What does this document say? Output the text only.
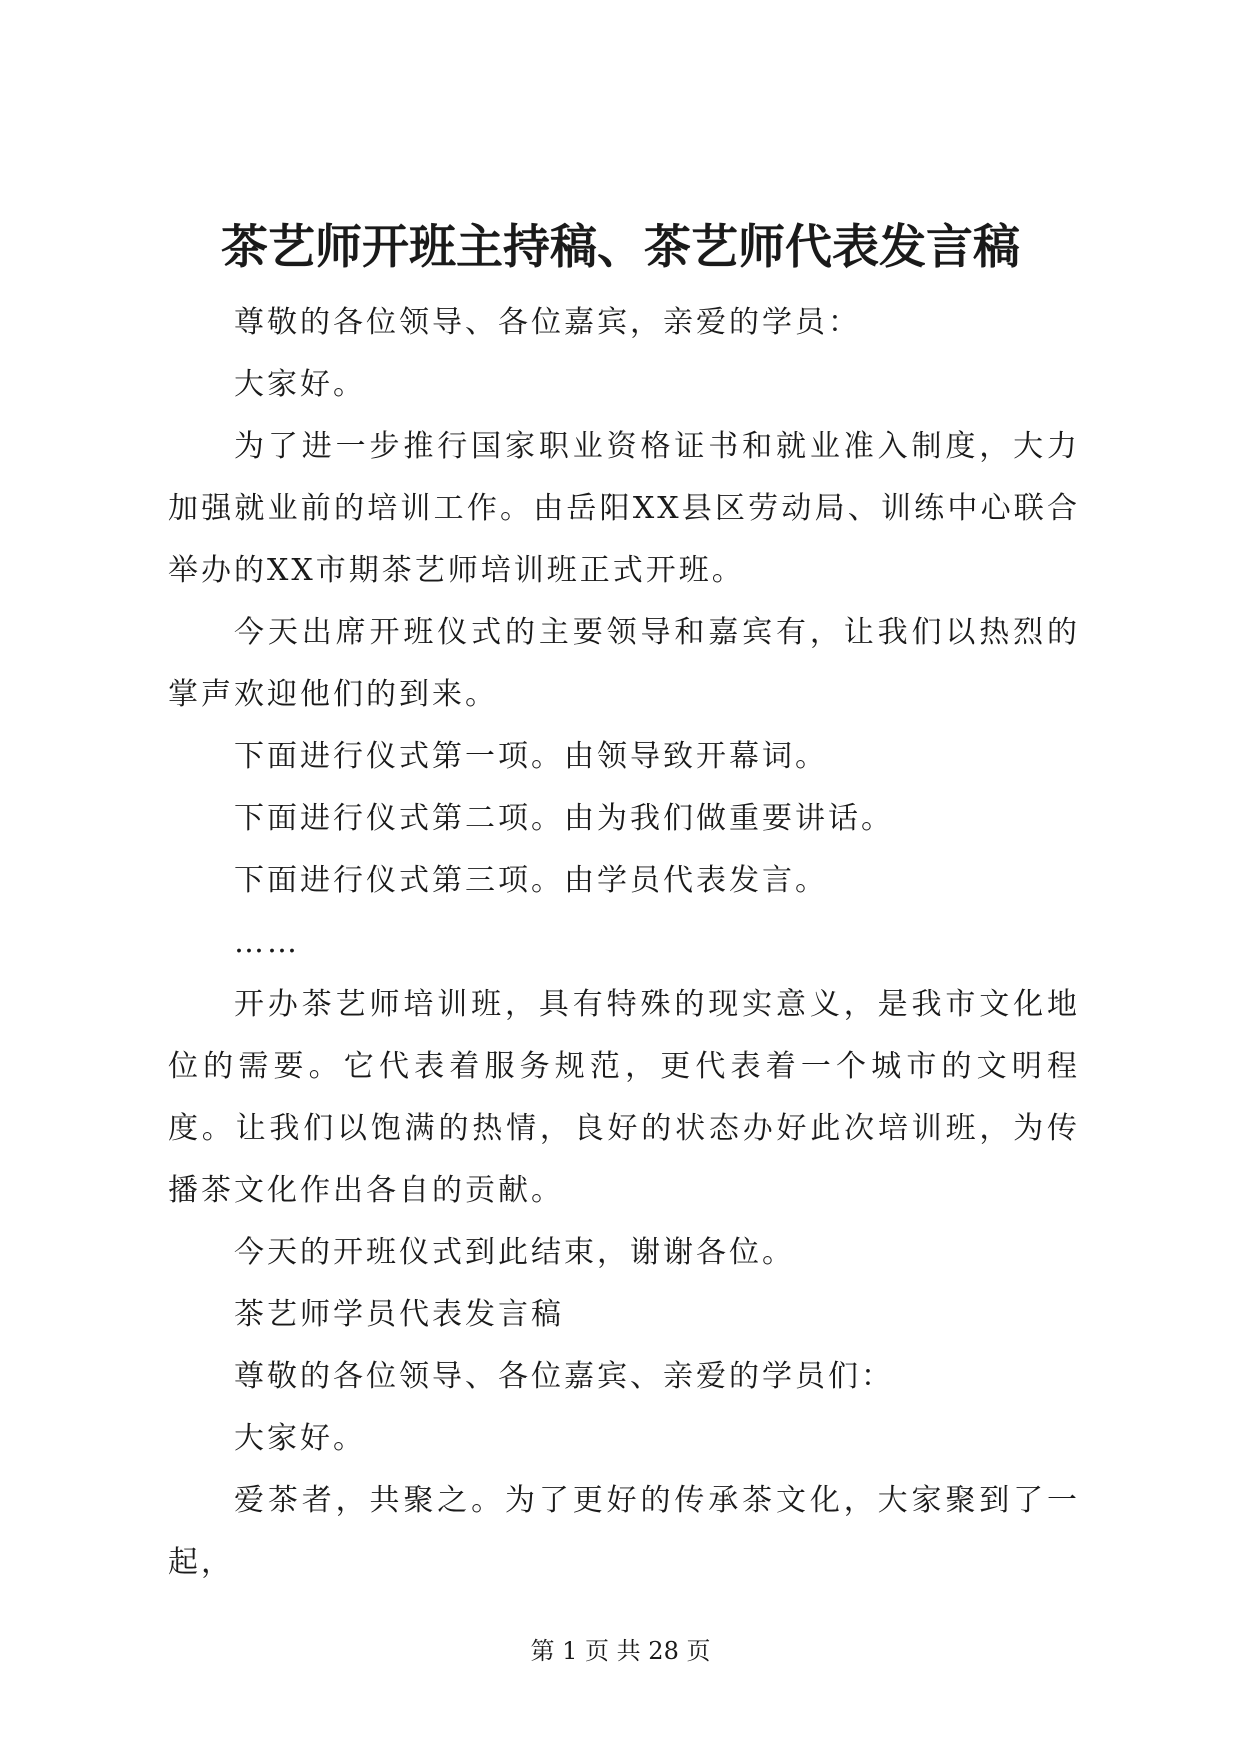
茶艺师开班主持稿、茶艺师代表发言稿

尊敬的各位领导、各位嘉宾，亲爱的学员：

大家好。

为了进一步推行国家职业资格证书和就业准入制度，大力加强就业前的培训工作。由岳阳XX县区劳动局、训练中心联合举办的XX市期茶艺师培训班正式开班。

今天出席开班仪式的主要领导和嘉宾有，让我们以热烈的掌声欢迎他们的到来。

下面进行仪式第一项。由领导致开幕词。

下面进行仪式第二项。由为我们做重要讲话。

下面进行仪式第三项。由学员代表发言。

……

开办茶艺师培训班，具有特殊的现实意义，是我市文化地位的需要。它代表着服务规范，更代表着一个城市的文明程度。让我们以饱满的热情，良好的状态办好此次培训班，为传播茶文化作出各自的贡献。

今天的开班仪式到此结束，谢谢各位。

茶艺师学员代表发言稿

尊敬的各位领导、各位嘉宾、亲爱的学员们：

大家好。

爱茶者，共聚之。为了更好的传承茶文化，大家聚到了一起，

第 1 页 共 28 页
